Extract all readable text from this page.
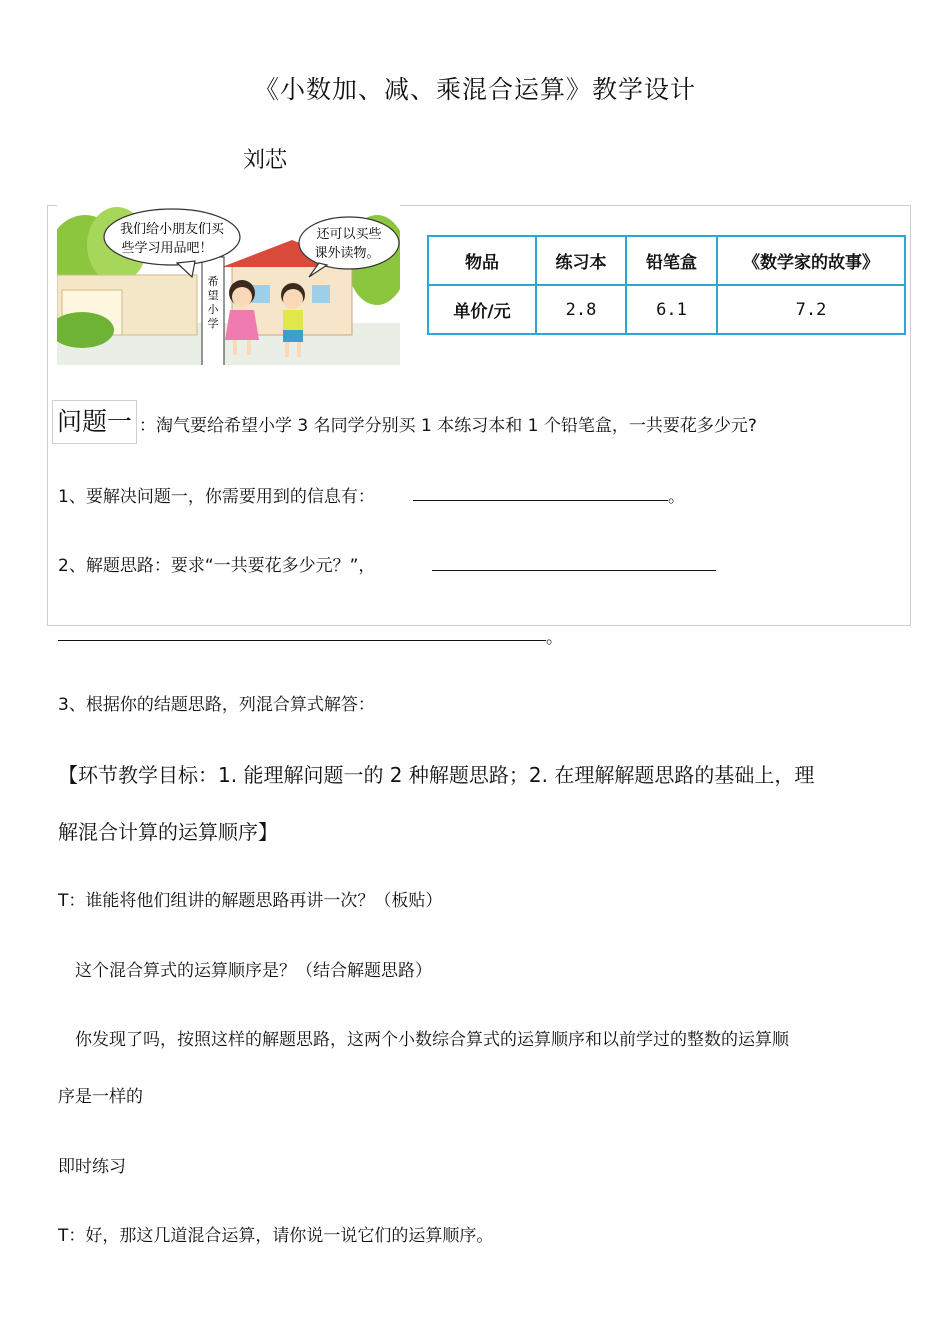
《小数加、减、乘混合运算》教学设计
刘芯
希
望
小
学
我们给小朋友们买
些学习用品吧！
还可以买些
课外读物。	物品	练习本	铅笔盒	《数学家的故事》
单价/元	2.8	6.1	7.2
问题一 ：淘气要给希望小学 3 名同学分别买 1 本练习本和 1 个铅笔盒，一共要花多少元?
1、要解决问题一，你需要用到的信息有：	。
2、解题思路：要求“一共要花多少元？”，
。
3、根据你的结题思路，列混合算式解答：
【环节教学目标：1. 能理解问题一的 2 种解题思路；2. 在理解解题思路的基础上，理
解混合计算的运算顺序】
T：谁能将他们组讲的解题思路再讲一次？（板贴）
这个混合算式的运算顺序是？（结合解题思路）
你发现了吗，按照这样的解题思路，这两个小数综合算式的运算顺序和以前学过的整数的运算顺
序是一样的
即时练习
T：好，那这几道混合运算，请你说一说它们的运算顺序。
